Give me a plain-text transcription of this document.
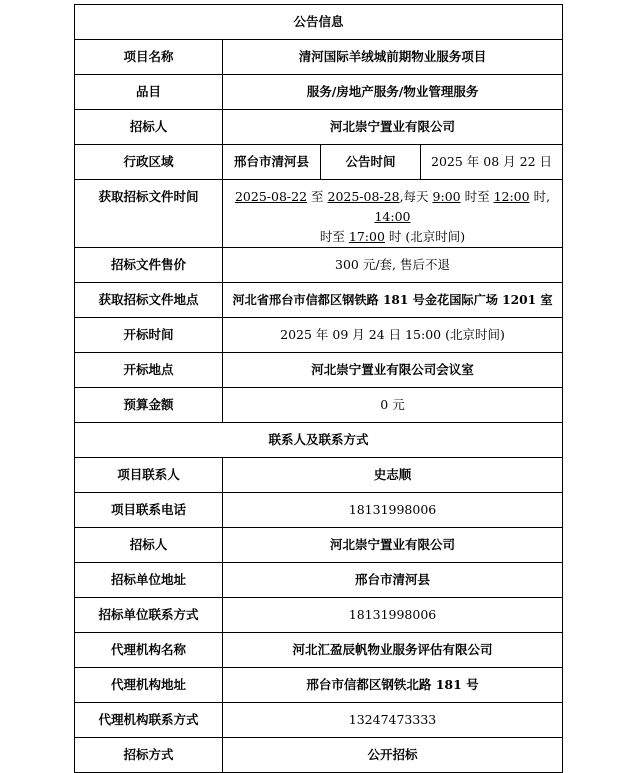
公告信息			
项目名称	清河国际羊绒城前期物业服务项目		
品目	服务/房地产服务/物业管理服务		
招标人	河北崇宁置业有限公司		
行政区域	邢台市清河县	公告时间	2025 年 08 月 22 日
获取招标文件时间	2025-08-22 至 2025-08-28,每天 9:00 时至 12:00 时, 14:00
时至 17:00 时 (北京时间)		
招标文件售价	300 元/套, 售后不退		
获取招标文件地点	河北省邢台市信都区钢铁路 181 号金花国际广场 1201 室		
开标时间	2025 年 09 月 24 日 15:00 (北京时间)		
开标地点	河北崇宁置业有限公司会议室		
预算金额	0 元		
联系人及联系方式			
项目联系人	史志顺		
项目联系电话	18131998006		
招标人	河北崇宁置业有限公司		
招标单位地址	邢台市清河县		
招标单位联系方式	18131998006		
代理机构名称	河北汇盈辰帆物业服务评估有限公司		
代理机构地址	邢台市信都区钢铁北路 181 号		
代理机构联系方式	13247473333		
招标方式	公开招标		
